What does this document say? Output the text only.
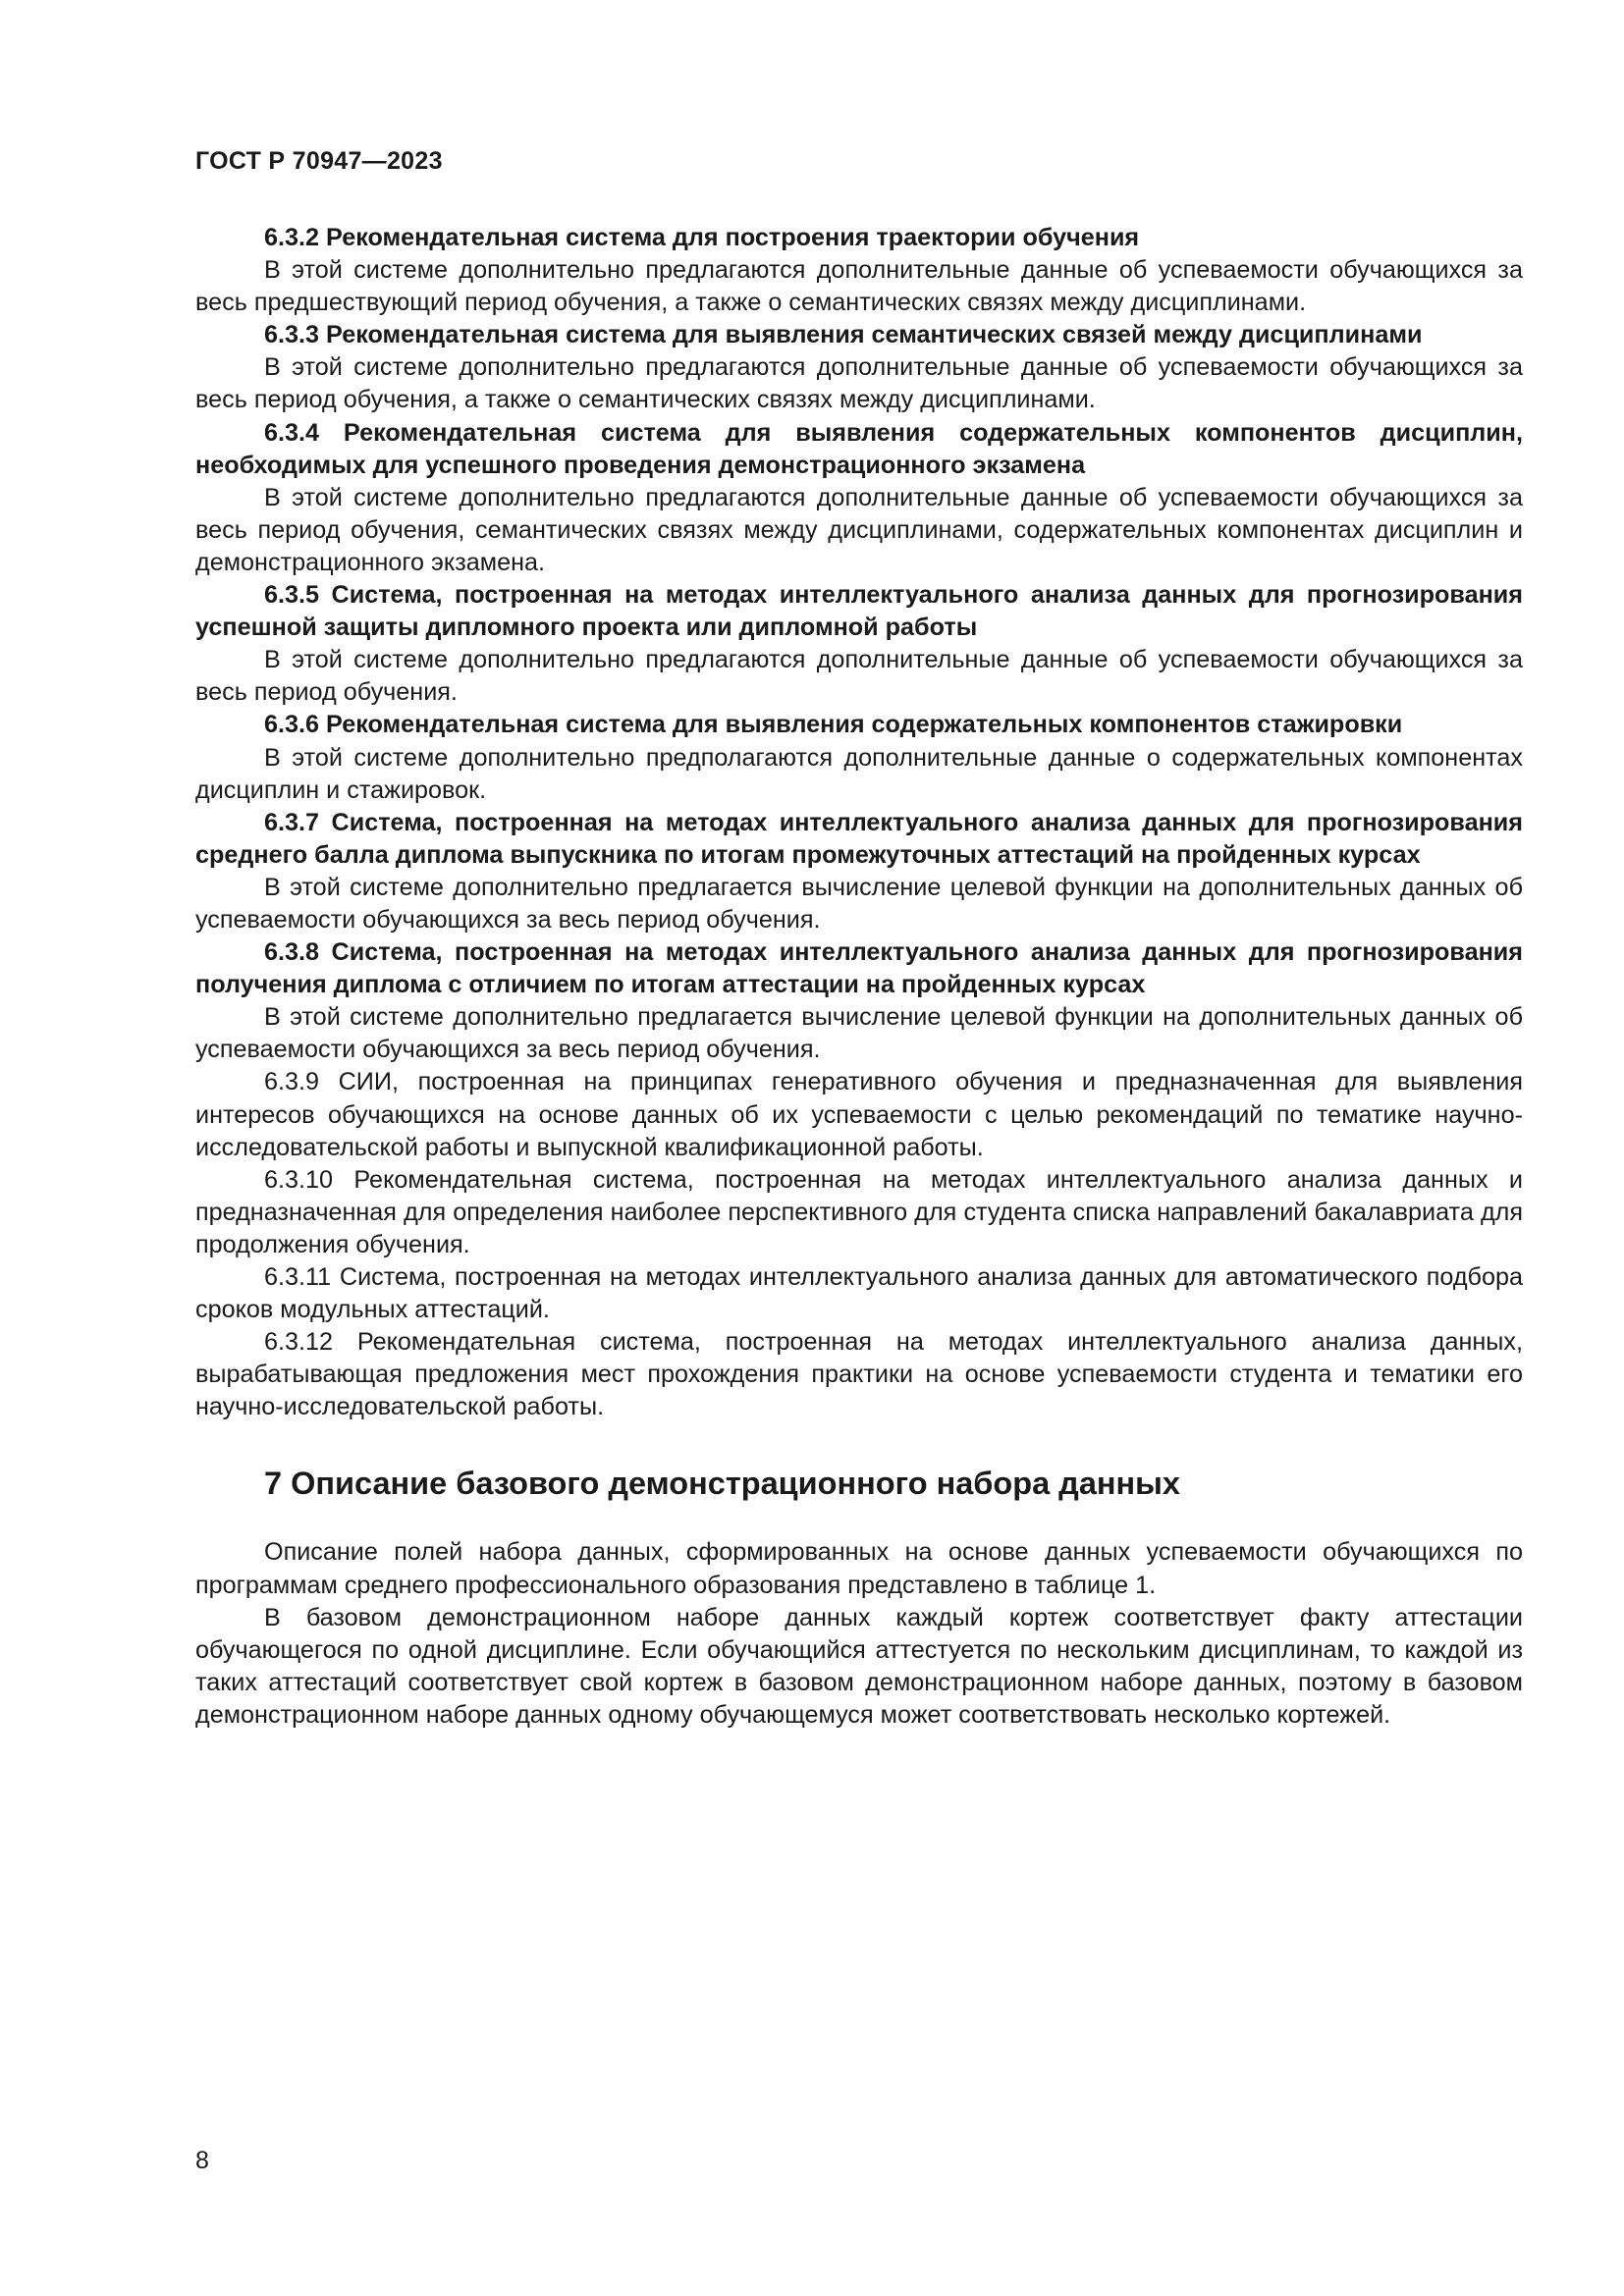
ГОСТ Р 70947—2023

6.3.2 Рекомендательная система для построения траектории обучения

В этой системе дополнительно предлагаются дополнительные данные об успеваемости обучающихся за весь предшествующий период обучения, а также о семантических связях между дисциплинами.

6.3.3 Рекомендательная система для выявления семантических связей между дисциплинами

В этой системе дополнительно предлагаются дополнительные данные об успеваемости обучающихся за весь период обучения, а также о семантических связях между дисциплинами.

6.3.4 Рекомендательная система для выявления содержательных компонентов дисциплин, необходимых для успешного проведения демонстрационного экзамена

В этой системе дополнительно предлагаются дополнительные данные об успеваемости обучающихся за весь период обучения, семантических связях между дисциплинами, содержательных компонентах дисциплин и демонстрационного экзамена.

6.3.5 Система, построенная на методах интеллектуального анализа данных для прогнозирования успешной защиты дипломного проекта или дипломной работы

В этой системе дополнительно предлагаются дополнительные данные об успеваемости обучающихся за весь период обучения.

6.3.6 Рекомендательная система для выявления содержательных компонентов стажировки

В этой системе дополнительно предполагаются дополнительные данные о содержательных компонентах дисциплин и стажировок.

6.3.7 Система, построенная на методах интеллектуального анализа данных для прогнозирования среднего балла диплома выпускника по итогам промежуточных аттестаций на пройденных курсах

В этой системе дополнительно предлагается вычисление целевой функции на дополнительных данных об успеваемости обучающихся за весь период обучения.

6.3.8 Система, построенная на методах интеллектуального анализа данных для прогнозирования получения диплома с отличием по итогам аттестации на пройденных курсах

В этой системе дополнительно предлагается вычисление целевой функции на дополнительных данных об успеваемости обучающихся за весь период обучения.

6.3.9 СИИ, построенная на принципах генеративного обучения и предназначенная для выявления интересов обучающихся на основе данных об их успеваемости с целью рекомендаций по тематике научно-исследовательской работы и выпускной квалификационной работы.

6.3.10 Рекомендательная система, построенная на методах интеллектуального анализа данных и предназначенная для определения наиболее перспективного для студента списка направлений бакалавриата для продолжения обучения.

6.3.11 Система, построенная на методах интеллектуального анализа данных для автоматического подбора сроков модульных аттестаций.

6.3.12 Рекомендательная система, построенная на методах интеллектуального анализа данных, вырабатывающая предложения мест прохождения практики на основе успеваемости студента и тематики его научно-исследовательской работы.

7 Описание базового демонстрационного набора данных

Описание полей набора данных, сформированных на основе данных успеваемости обучающихся по программам среднего профессионального образования представлено в таблице 1.

В базовом демонстрационном наборе данных каждый кортеж соответствует факту аттестации обучающегося по одной дисциплине. Если обучающийся аттестуется по нескольким дисциплинам, то каждой из таких аттестаций соответствует свой кортеж в базовом демонстрационном наборе данных, поэтому в базовом демонстрационном наборе данных одному обучающемуся может соответствовать несколько кортежей.

8
